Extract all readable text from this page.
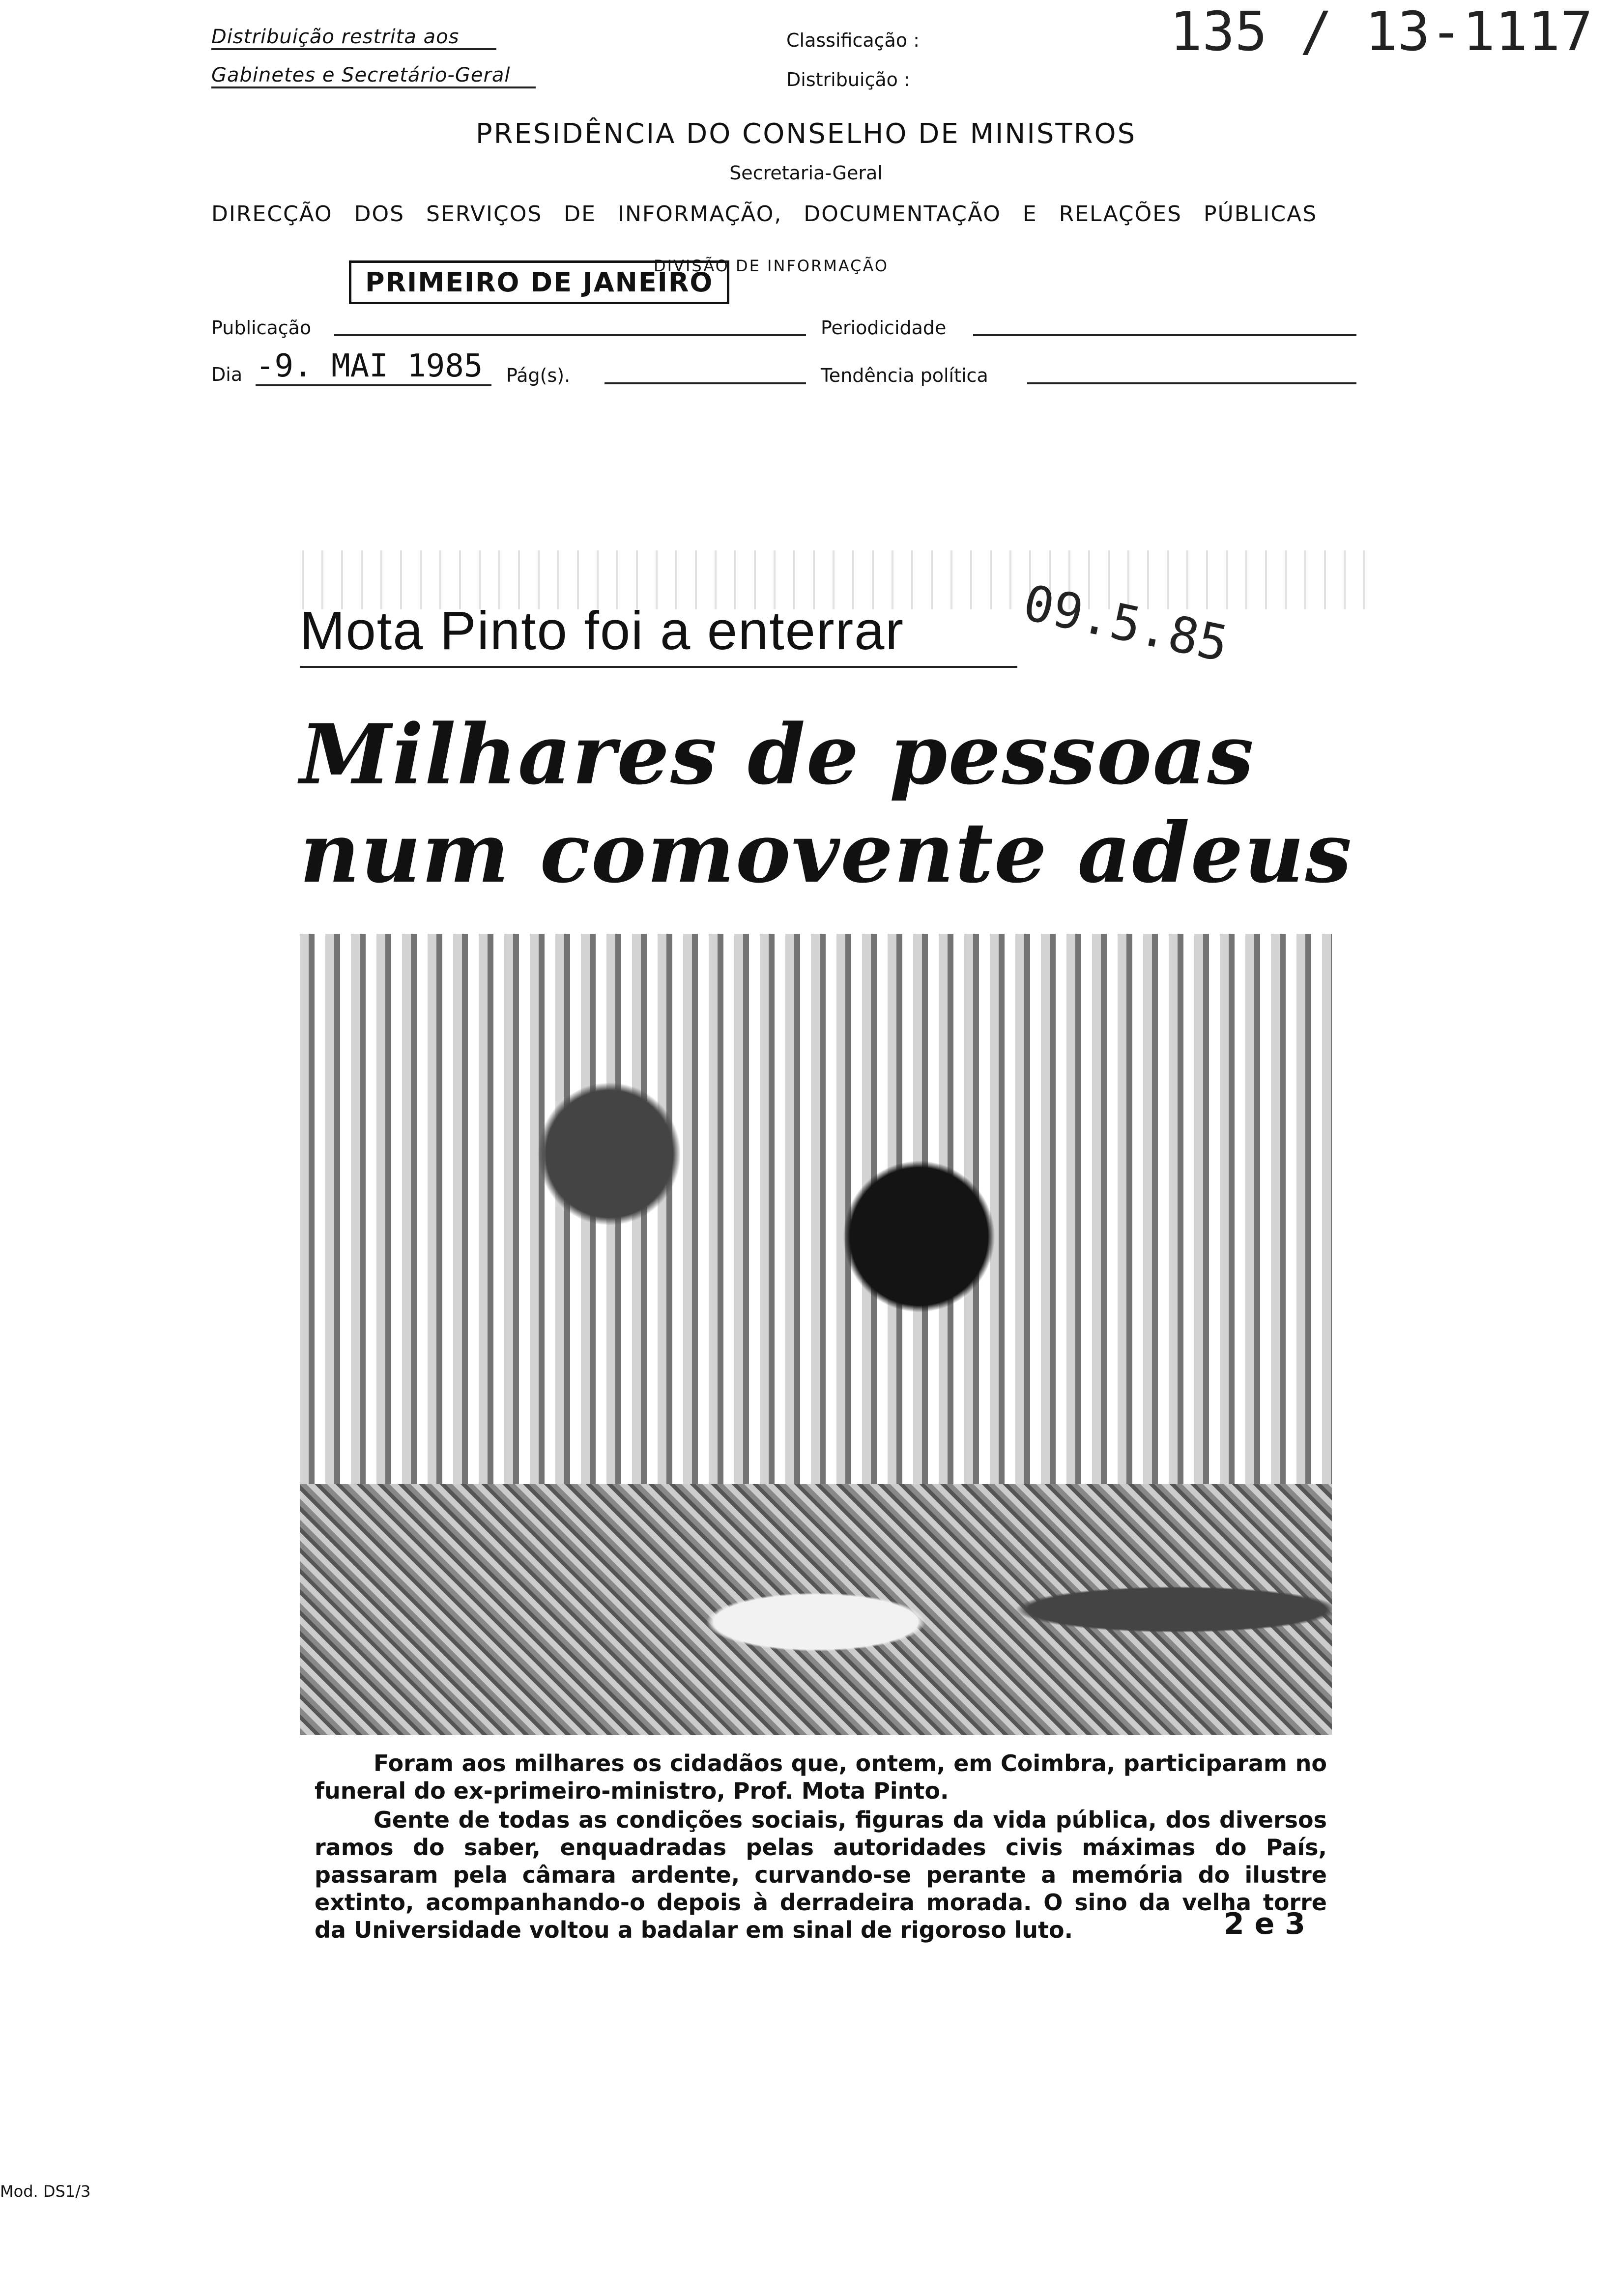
Distribuição restrita aos
Gabinetes e Secretário-Geral
Classificação :
Distribuição :
135 / 13-1117
PRESIDÊNCIA DO CONSELHO DE MINISTROS
Secretaria-Geral
DIRECÇÃO DOS SERVIÇOS DE INFORMAÇÃO, DOCUMENTAÇÃO E RELAÇÕES PÚBLICAS
DIVISÃO DE INFORMAÇÃO
PRIMEIRO DE JANEIRO
Publicação	Periodicidade
Dia -9. MAI 1985	Pág(s).	Tendência política
Mota Pinto foi a enterrar 09.5.85
Milhares de pessoas
num comovente adeus
Foram aos milhares os cidadãos que, ontem, em Coimbra, participaram no funeral do ex-primeiro-ministro, Prof. Mota Pinto.
Gente de todas as condições sociais, figuras da vida pública, dos diversos ramos do saber, enquadradas pelas autoridades civis máximas do País, passaram pela câmara ardente, curvando-se perante a memória do ilustre extinto, acompanhando-o depois à derradeira morada. O sino da velha torre da Universidade voltou a badalar em sinal de rigoroso luto.	2 e 3
Mod. DS1/3
